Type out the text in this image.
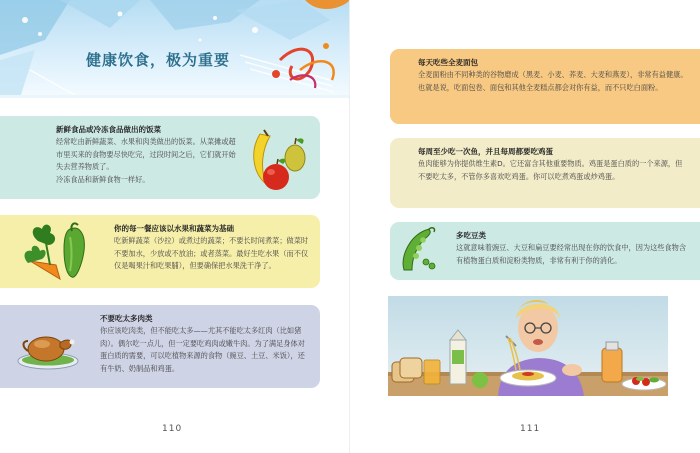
健康饮食，极为重要
新鲜食品或冷冻食品做出的饭菜

经常吃由新鲜蔬菜、水果和肉类做出的饭菜。从菜摊或超市里买来的食物要尽快吃完，过段时间之后，它们就开始失去营养物质了。

冷冻食品和新鲜食物一样好。

你的每一餐应该以水果和蔬菜为基础

吃新鲜蔬菜（沙拉）或煮过的蔬菜；不要长时间煮菜；做菜时不要加水，少放或不放油；或者蒸菜。最好生吃水果（而不仅仅是喝果汁和吃果脯），但要确保把水果洗干净了。

不要吃太多肉类

你应该吃肉类，但不能吃太多——尤其不能吃太多红肉（比如猪肉）。偶尔吃一点儿，但一定要吃鸡肉或嫩牛肉。为了满足身体对蛋白质的需要，可以吃植物来源的食物（豌豆、土豆、米饭），还有牛奶、奶制品和鸡蛋。

110
每天吃些全麦面包

全麦面粉由不同种类的谷物磨成（黑麦、小麦、荞麦、大麦和燕麦），非常有益健康。也就是说，吃面包卷、面包和其他全麦糕点都会对你有益，而不只吃白面粉。

每周至少吃一次鱼，并且每周都要吃鸡蛋

鱼肉能够为你提供维生素D。它还富含其他重要物质。鸡蛋是蛋白质的一个来源，但不要吃太多，不管你多喜欢吃鸡蛋。你可以吃煮鸡蛋或炒鸡蛋。

多吃豆类

这就意味着豌豆、大豆和扁豆要经常出现在你的饮食中，因为这些食物含有植物蛋白质和淀粉类物质，非常有利于你的消化。

111
